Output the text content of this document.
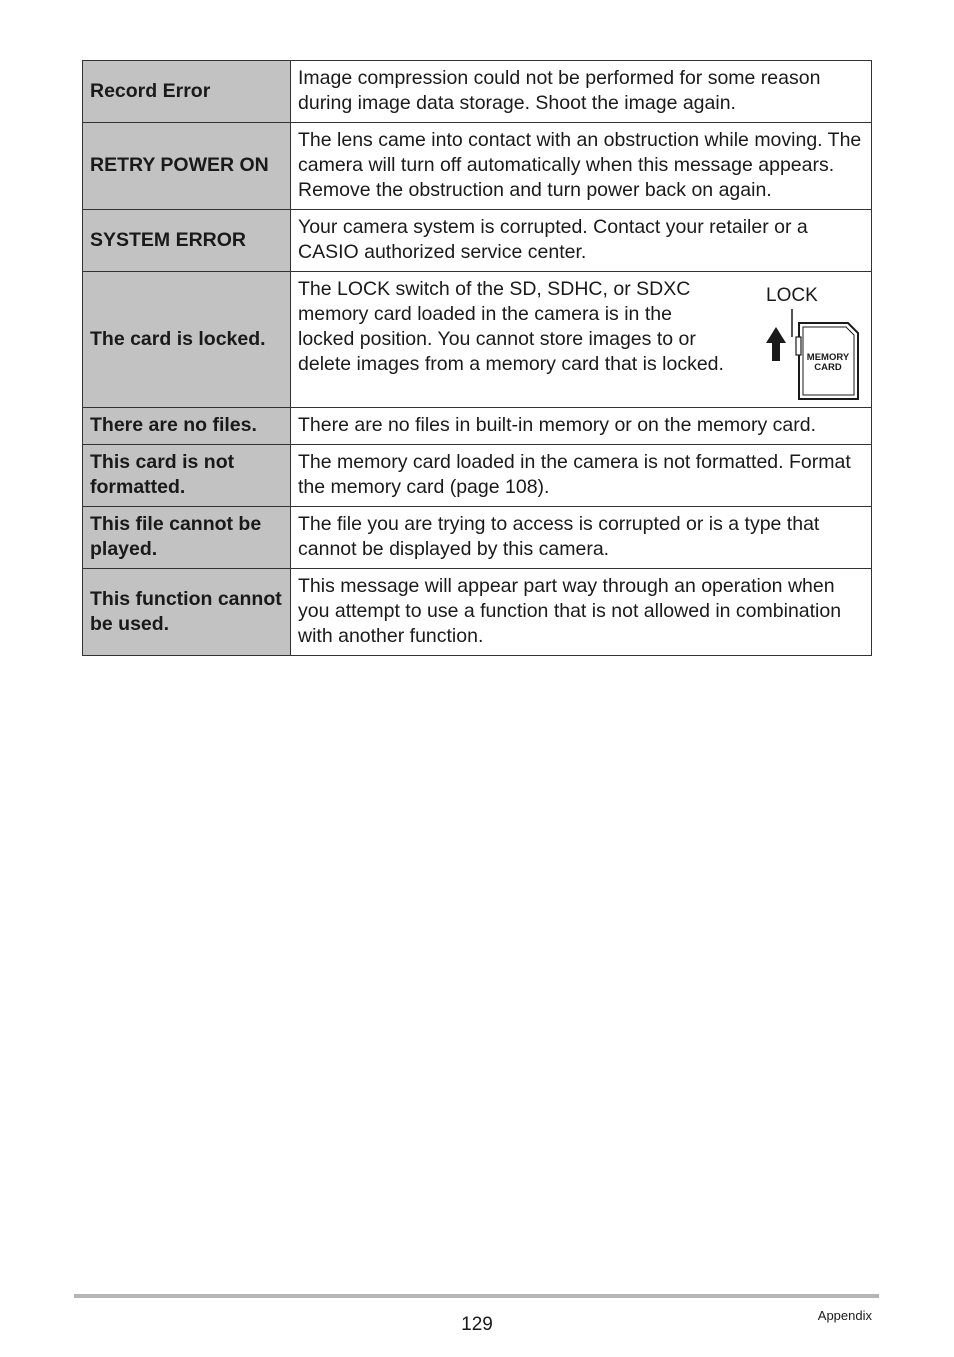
Record Error	Image compression could not be performed for some reason during image data storage. Shoot the image again.
RETRY POWER ON	The lens came into contact with an obstruction while moving. The camera will turn off automatically when this message appears. Remove the obstruction and turn power back on again.
SYSTEM ERROR	Your camera system is corrupted. Contact your retailer or a CASIO authorized service center.
The card is locked.	The LOCK switch of the SD, SDHC, or SDXC memory card loaded in the camera is in the locked position. You cannot store images to or delete images from a memory card that is locked.
LOCK
MEMORY
CARD

There are no files.	There are no files in built-in memory or on the memory card.
This card is not formatted.	The memory card loaded in the camera is not formatted. Format the memory card (page 108).
This file cannot be played.	The file you are trying to access is corrupted or is a type that cannot be displayed by this camera.
This function cannot be used.	This message will appear part way through an operation when you attempt to use a function that is not allowed in combination with another function.
129	Appendix
